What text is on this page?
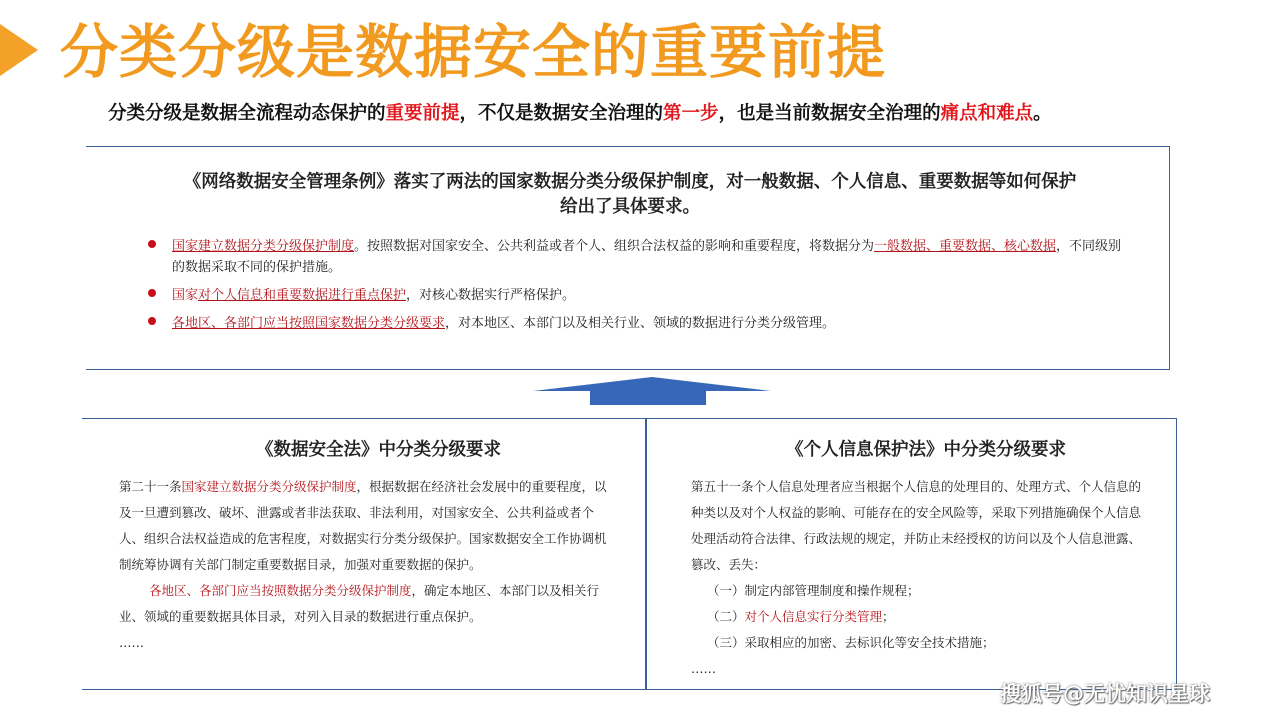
分类分级是数据安全的重要前提

分类分级是数据全流程动态保护的重要前提，不仅是数据安全治理的第一步，也是当前数据安全治理的痛点和难点。

《网络数据安全管理条例》落实了两法的国家数据分类分级保护制度，对一般数据、个人信息、重要数据等如何保护
给出了具体要求。
国家建立数据分类分级保护制度。按照数据对国家安全、公共利益或者个人、组织合法权益的影响和重要程度，将数据分为一般数据、重要数据、核心数据，不同级别的数据采取不同的保护措施。
国家对个人信息和重要数据进行重点保护，对核心数据实行严格保护。
各地区、各部门应当按照国家数据分类分级要求，对本地区、本部门以及相关行业、领域的数据进行分类分级管理。
《数据安全法》中分类分级要求	《个人信息保护法》中分类分级要求

第二十一条国家建立数据分类分级保护制度，根据数据在经济社会发展中的重要程度，以及一旦遭到篡改、破坏、泄露或者非法获取、非法利用，对国家安全、公共利益或者个人、组织合法权益造成的危害程度，对数据实行分类分级保护。国家数据安全工作协调机制统筹协调有关部门制定重要数据目录，加强对重要数据的保护。

各地区、各部门应当按照数据分类分级保护制度，确定本地区、本部门以及相关行业、领域的重要数据具体目录，对列入目录的数据进行重点保护。

……

第五十一条个人信息处理者应当根据个人信息的处理目的、处理方式、个人信息的种类以及对个人权益的影响、可能存在的安全风险等，采取下列措施确保个人信息处理活动符合法律、行政法规的规定，并防止未经授权的访问以及个人信息泄露、篡改、丢失：

（一）制定内部管理制度和操作规程；

（二）对个人信息实行分类管理；

（三）采取相应的加密、去标识化等安全技术措施；

……

搜狐号@无忧知识星球
